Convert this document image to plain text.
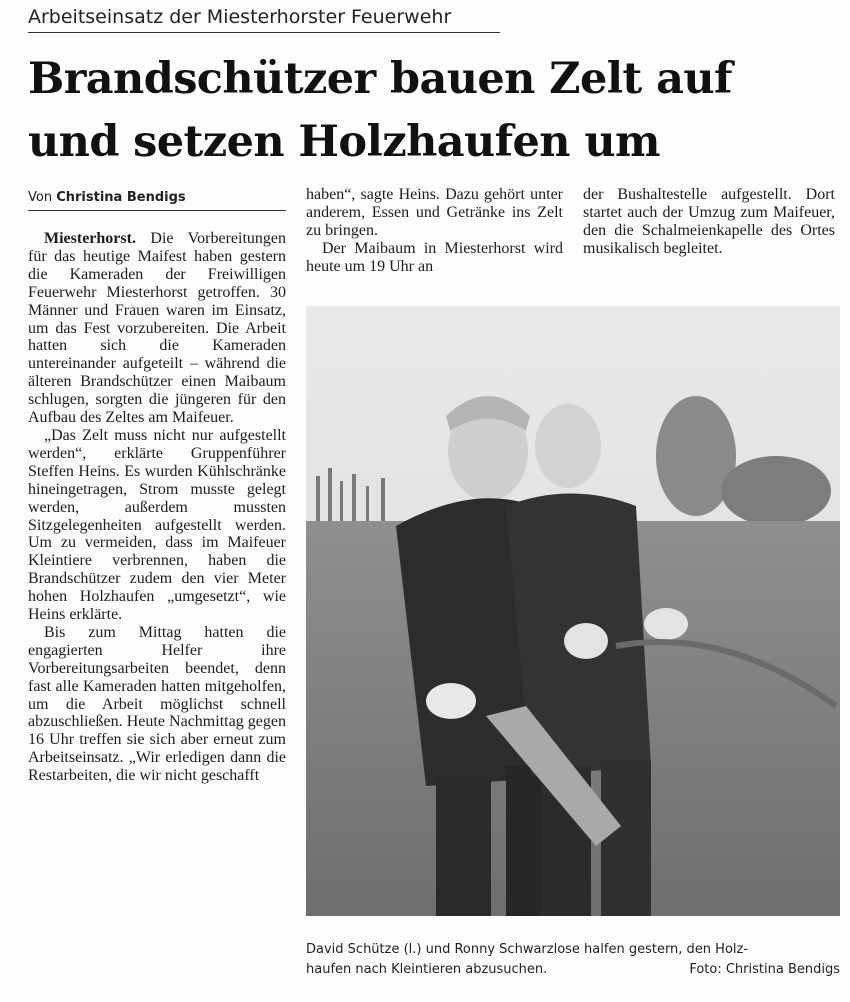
Arbeitseinsatz der Miesterhorster Feuerwehr
Brandschützer bauen Zelt auf
und setzen Holzhaufen um
Von Christina Bendigs

Miesterhorst. Die Vorbereitungen für das heutige Maifest haben gestern die Kameraden der Freiwilligen Feuerwehr Miesterhorst getroffen. 30 Männer und Frauen waren im Einsatz, um das Fest vorzubereiten. Die Arbeit hatten sich die Kameraden untereinander aufgeteilt – während die älteren Brandschützer einen Maibaum schlugen, sorgten die jüngeren für den Aufbau des Zeltes am Maifeuer.

„Das Zelt muss nicht nur aufgestellt werden“, erklärte Gruppenführer Steffen Heins. Es wurden Kühlschränke hineingetragen, Strom musste gelegt werden, außerdem mussten Sitzgelegenheiten aufgestellt werden. Um zu vermeiden, dass im Maifeuer Kleintiere verbrennen, haben die Brandschützer zudem den vier Meter hohen Holzhaufen „umgesetzt“, wie Heins erklärte.

Bis zum Mittag hatten die engagierten Helfer ihre Vorbereitungsarbeiten beendet, denn fast alle Kameraden hatten mitgeholfen, um die Arbeit möglichst schnell abzuschließen. Heute Nachmittag gegen 16 Uhr treffen sie sich aber erneut zum Arbeitseinsatz. „Wir erledigen dann die Restarbeiten, die wir nicht geschafft

haben“, sagte Heins. Dazu gehört unter anderem, Essen und Getränke ins Zelt zu bringen.

Der Maibaum in Miesterhorst wird heute um 19 Uhr an

der Bushaltestelle aufgestellt. Dort startet auch der Umzug zum Maifeuer, den die Schalmeienkapelle des Ortes musikalisch begleitet.

David Schütze (l.) und Ronny Schwarzlose halfen gestern, den Holz-
haufen nach Kleintieren abzusuchen.	Foto: Christina Bendigs
